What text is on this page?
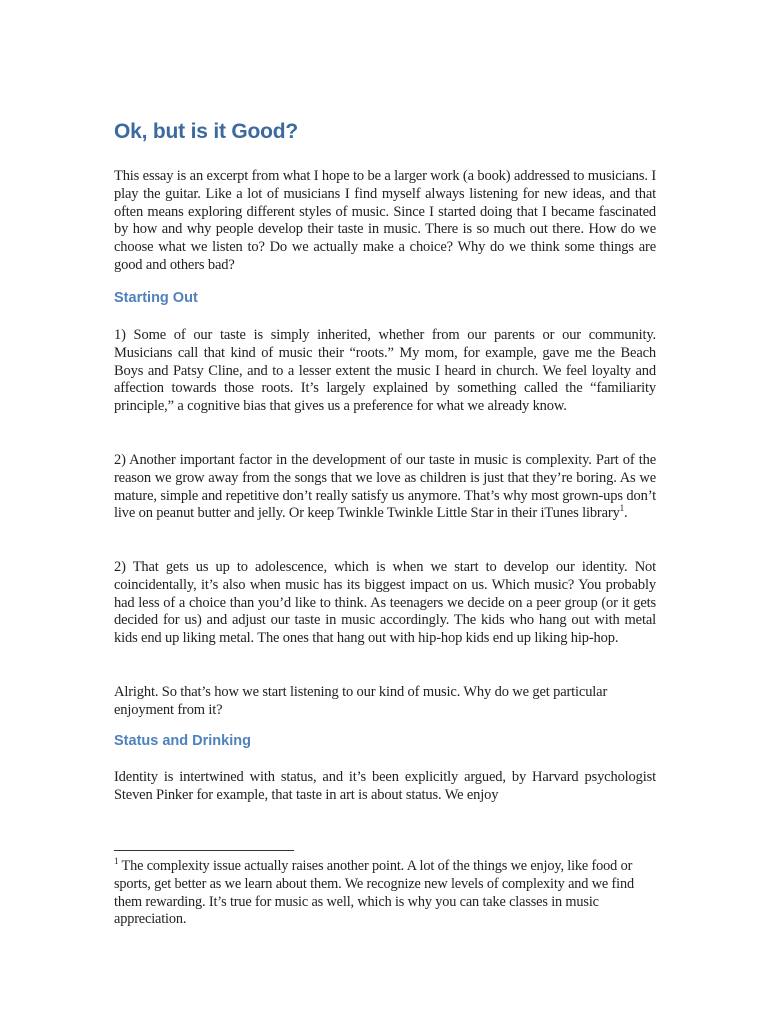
Ok, but is it Good?

This essay is an excerpt from what I hope to be a larger work (a book) addressed to musicians. I play the guitar. Like a lot of musicians I find myself always listening for new ideas, and that often means exploring different styles of music. Since I started doing that I became fascinated by how and why people develop their taste in music. There is so much out there. How do we choose what we listen to? Do we actually make a choice? Why do we think some things are good and others bad?

Starting Out

1) Some of our taste is simply inherited, whether from our parents or our community. Musicians call that kind of music their “roots.” My mom, for example, gave me the Beach Boys and Patsy Cline, and to a lesser extent the music I heard in church. We feel loyalty and affection towards those roots. It’s largely explained by something called the “familiarity principle,” a cognitive bias that gives us a preference for what we already know.

2) Another important factor in the development of our taste in music is complexity. Part of the reason we grow away from the songs that we love as children is just that they’re boring. As we mature, simple and repetitive don’t really satisfy us anymore. That’s why most grown-ups don’t live on peanut butter and jelly. Or keep Twinkle Twinkle Little Star in their iTunes library$^1$.

2) That gets us up to adolescence, which is when we start to develop our identity. Not coincidentally, it’s also when music has its biggest impact on us. Which music? You probably had less of a choice than you’d like to think. As teenagers we decide on a peer group (or it gets decided for us) and adjust our taste in music accordingly. The kids who hang out with metal kids end up liking metal. The ones that hang out with hip-hop kids end up liking hip-hop.

Alright. So that’s how we start listening to our kind of music. Why do we get particular enjoyment from it?

Status and Drinking

Identity is intertwined with status, and it’s been explicitly argued, by Harvard psychologist Steven Pinker for example, that taste in art is about status. We enjoy

$^1$ The complexity issue actually raises another point. A lot of the things we enjoy, like food or sports, get better as we learn about them. We recognize new levels of complexity and we find them rewarding. It’s true for music as well, which is why you can take classes in music appreciation.
